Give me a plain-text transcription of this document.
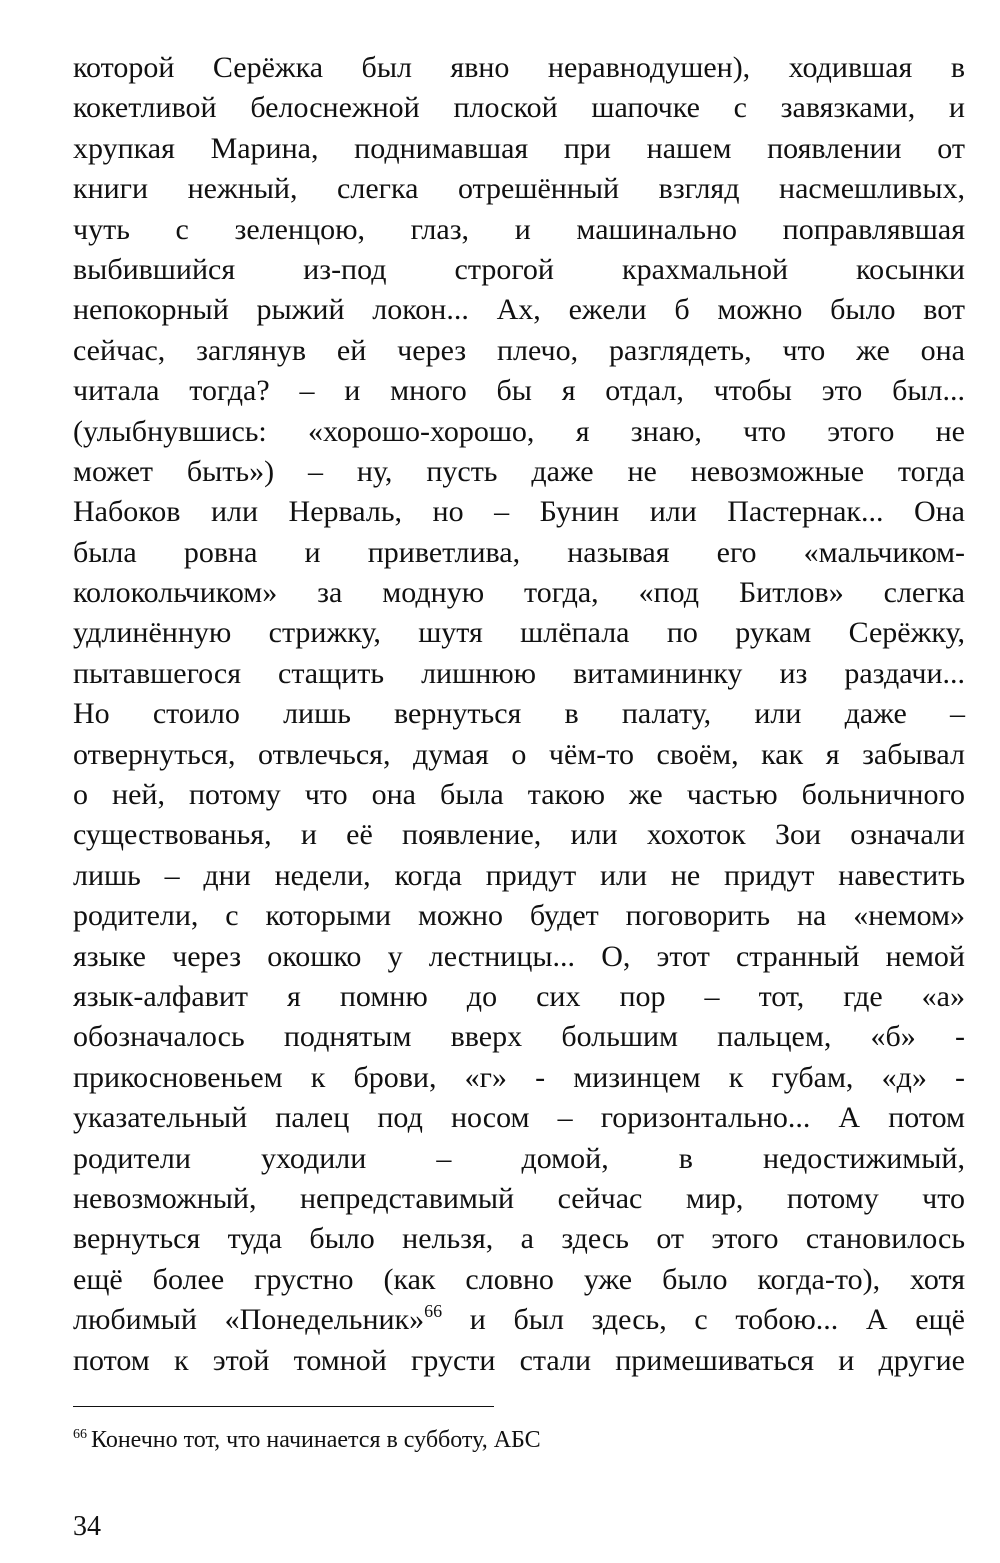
которой Серёжка был явно неравнодушен), ходившая в
кокетливой белоснежной плоской шапочке с завязками, и
хрупкая Марина, поднимавшая при нашем появлении от
книги нежный, слегка отрешённый взгляд насмешливых,
чуть с зеленцою, глаз, и машинально поправлявшая
выбившийся из-под строгой крахмальной косынки
непокорный рыжий локон... Ах, ежели б можно было вот
сейчас, заглянув ей через плечо, разглядеть, что же она
читала тогда? – и много бы я отдал, чтобы это был...
(улыбнувшись: «хорошо-хорошо, я знаю, что этого не
может быть») – ну, пусть даже не невозможные тогда
Набоков или Нерваль, но – Бунин или Пастернак... Она
была ровна и приветлива, называя его «мальчиком-
колокольчиком» за модную тогда, «под Битлов» слегка
удлинённую стрижку, шутя шлёпала по рукам Серёжку,
пытавшегося стащить лишнюю витамининку из раздачи...
Но стоило лишь вернуться в палату, или даже –
отвернуться, отвлечься, думая о чём-то своём, как я забывал
о ней, потому что она была такою же частью больничного
существованья, и её появление, или хохоток Зои означали
лишь – дни недели, когда придут или не придут навестить
родители, с которыми можно будет поговорить на «немом»
языке через окошко у лестницы... О, этот странный немой
язык-алфавит я помню до сих пор – тот, где «а»
обозначалось поднятым вверх большим пальцем, «б» -
прикосновеньем к брови, «г» - мизинцем к губам, «д» -
указательный палец под носом – горизонтально... А потом
родители уходили – домой, в недостижимый,
невозможный, непредставимый сейчас мир, потому что
вернуться туда было нельзя, а здесь от этого становилось
ещё более грустно (как словно уже было когда-то), хотя
любимый «Понедельник»$^{66}$ и был здесь, с тобою... А ещё
потом к этой томной грусти стали примешиваться и другие
$^{66}$ Конечно тот, что начинается в субботу, АБС
34
